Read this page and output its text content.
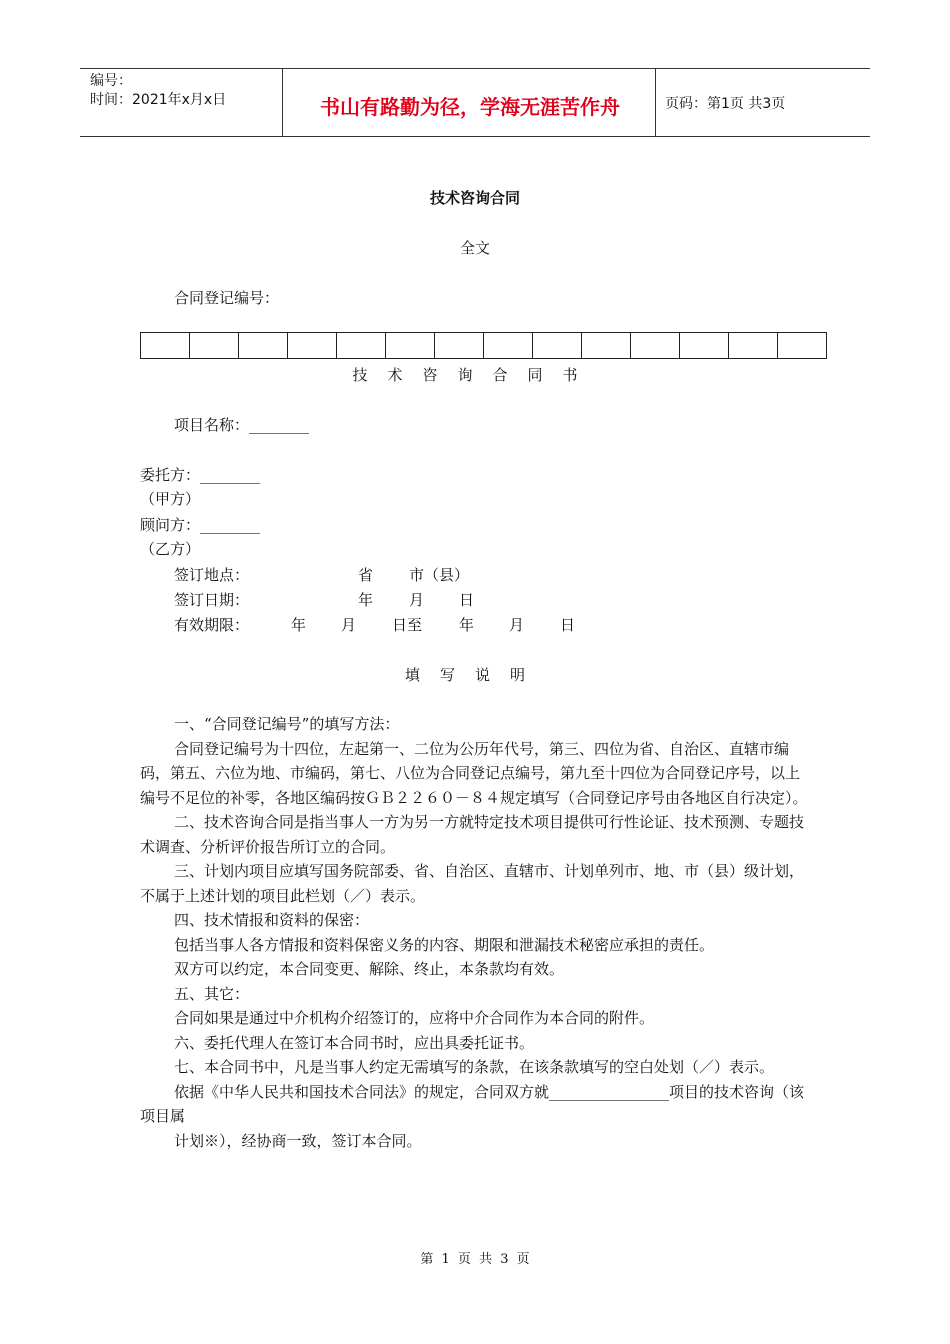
编号：
时间：2021年x月x日	书山有路勤为径，学海无涯苦作舟	页码：第1页 共3页
技术咨询合同
全文
合同登记编号：
技术咨询合同书
项目名称：________
委托方：________
（甲方）
顾问方：________
（乙方）
签订地点：	省 市（县）
签订日期：	年 月 日
有效期限：	年 月 日至 年 月 日
填写说明

一、“合同登记编号”的填写方法：

合同登记编号为十四位，左起第一、二位为公历年代号，第三、四位为省、自治区、直辖市编码，第五、六位为地、市编码，第七、八位为合同登记点编号，第九至十四位为合同登记序号，以上编号不足位的补零，各地区编码按ＧＢ２２６０－８４规定填写（合同登记序号由各地区自行决定）。

二、技术咨询合同是指当事人一方为另一方就特定技术项目提供可行性论证、技术预测、专题技术调查、分析评价报告所订立的合同。

三、计划内项目应填写国务院部委、省、自治区、直辖市、计划单列市、地、市（县）级计划，不属于上述计划的项目此栏划（／）表示。

四、技术情报和资料的保密：

包括当事人各方情报和资料保密义务的内容、期限和泄漏技术秘密应承担的责任。

双方可以约定，本合同变更、解除、终止，本条款均有效。

五、其它：

合同如果是通过中介机构介绍签订的，应将中介合同作为本合同的附件。

六、委托代理人在签订本合同书时，应出具委托证书。

七、本合同书中，凡是当事人约定无需填写的条款，在该条款填写的空白处划（／）表示。

依据《中华人民共和国技术合同法》的规定，合同双方就________________项目的技术咨询（该项目属

计划※），经协商一致，签订本合同。

第 1 页 共 3 页
